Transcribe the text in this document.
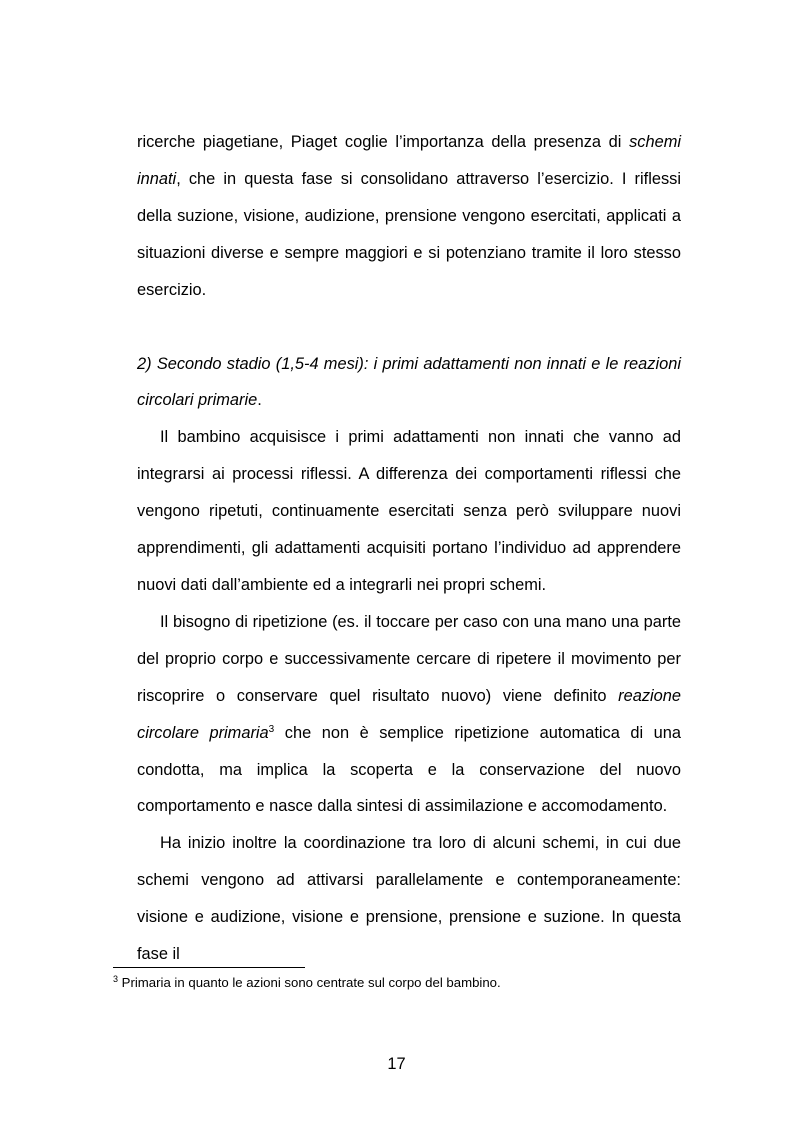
ricerche piagetiane, Piaget coglie l’importanza della presenza di schemi innati, che in questa fase si consolidano attraverso l’esercizio. I riflessi della suzione, visione, audizione, prensione vengono esercitati, applicati a situazioni diverse e sempre maggiori e si potenziano tramite il loro stesso esercizio.

2) Secondo stadio (1,5-4 mesi): i primi adattamenti non innati e le reazioni circolari primarie.

Il bambino acquisisce i primi adattamenti non innati che vanno ad integrarsi ai processi riflessi. A differenza dei comportamenti riflessi che vengono ripetuti, continuamente esercitati senza però sviluppare nuovi apprendimenti, gli adattamenti acquisiti portano l’individuo ad apprendere nuovi dati dall’ambiente ed a integrarli nei propri schemi.

Il bisogno di ripetizione (es. il toccare per caso con una mano una parte del proprio corpo e successivamente cercare di ripetere il movimento per riscoprire o conservare quel risultato nuovo) viene definito reazione circolare primaria$^3$ che non è semplice ripetizione automatica di una condotta, ma implica la scoperta e la conservazione del nuovo comportamento e nasce dalla sintesi di assimilazione e accomodamento.

Ha inizio inoltre la coordinazione tra loro di alcuni schemi, in cui due schemi vengono ad attivarsi parallelamente e contemporaneamente: visione e audizione, visione e prensione, prensione e suzione. In questa fase il

$^3$ Primaria in quanto le azioni sono centrate sul corpo del bambino.
17
